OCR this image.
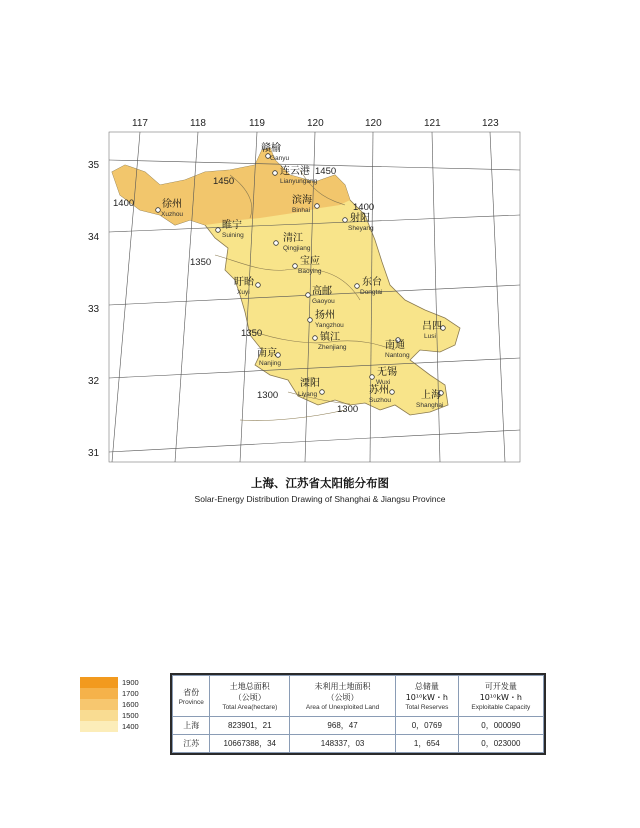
117	118	119	120	120	121	123
35
34
33
32
31
1450
1450
1400	1400
1350
1350
1300
1300
赣榆
Ganyu
连云港
Lianyungang
滨海
Binhai
射阳
Sheyang
徐州
Xuzhou
睢宁
Suining	清江
Qingjiang
宝应
Baoying
东台
Dongtai
盱眙
Xuyi	高邮
Gaoyou
扬州
Yangzhou	吕四
Lusi
镇江
Zhenjiang	南通
Nantong
南京
Nanjing
无锡
Wuxi
溧阳
Liyang	苏州
Suzhou	上海
Shanghai
上海、江苏省太阳能分布图
Solar-Energy Distribution Drawing of Shanghai & Jiangsu Province
1900
1700
1600
1500
1400
省份
Province	土地总面积
（公顷）
Total Area(hectare)	未利用土地面积
（公顷）
Area of Unexploited Land	总储量
10¹⁰kW・h
Total Reserves	可开发量
10¹⁰kW・h
Exploitable Capacity

上海	823901，21	968，47	0，0769	0，000090
江苏	10667388，34	148337，03	1，654	0，023000
